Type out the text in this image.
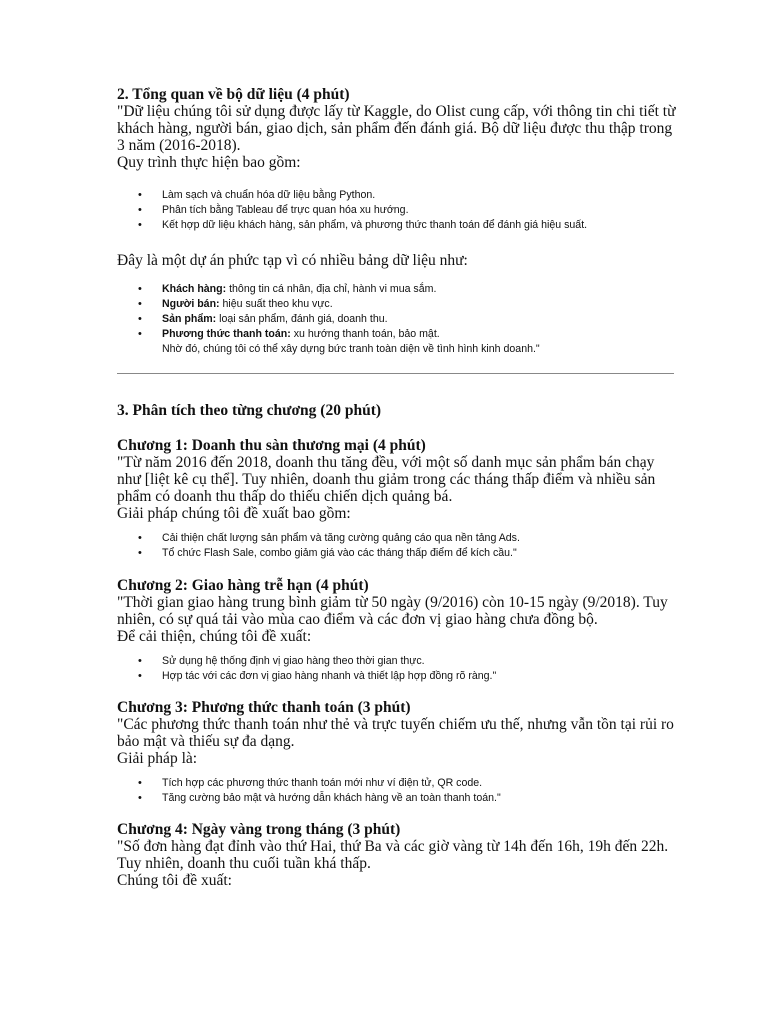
2. Tổng quan về bộ dữ liệu (4 phút)

"Dữ liệu chúng tôi sử dụng được lấy từ Kaggle, do Olist cung cấp, với thông tin chi tiết từ khách hàng, người bán, giao dịch, sản phẩm đến đánh giá. Bộ dữ liệu được thu thập trong 3 năm (2016-2018).

Quy trình thực hiện bao gồm:

• Làm sạch và chuẩn hóa dữ liệu bằng Python.
• Phân tích bằng Tableau để trực quan hóa xu hướng.
• Kết hợp dữ liệu khách hàng, sản phẩm, và phương thức thanh toán để đánh giá hiệu suất.

Đây là một dự án phức tạp vì có nhiều bảng dữ liệu như:

• Khách hàng: thông tin cá nhân, địa chỉ, hành vi mua sắm.
• Người bán: hiệu suất theo khu vực.
• Sản phẩm: loại sản phẩm, đánh giá, doanh thu.
• Phương thức thanh toán: xu hướng thanh toán, bảo mật.
Nhờ đó, chúng tôi có thể xây dựng bức tranh toàn diện về tình hình kinh doanh."
3. Phân tích theo từng chương (20 phút)
Chương 1: Doanh thu sàn thương mại (4 phút)

"Từ năm 2016 đến 2018, doanh thu tăng đều, với một số danh mục sản phẩm bán chạy như [liệt kê cụ thể]. Tuy nhiên, doanh thu giảm trong các tháng thấp điểm và nhiều sản phẩm có doanh thu thấp do thiếu chiến dịch quảng bá.

Giải pháp chúng tôi đề xuất bao gồm:

• Cải thiện chất lượng sản phẩm và tăng cường quảng cáo qua nền tảng Ads.
• Tổ chức Flash Sale, combo giảm giá vào các tháng thấp điểm để kích cầu."
Chương 2: Giao hàng trễ hạn (4 phút)

"Thời gian giao hàng trung bình giảm từ 50 ngày (9/2016) còn 10-15 ngày (9/2018). Tuy nhiên, có sự quá tải vào mùa cao điểm và các đơn vị giao hàng chưa đồng bộ.

Để cải thiện, chúng tôi đề xuất:

• Sử dụng hệ thống định vị giao hàng theo thời gian thực.
• Hợp tác với các đơn vị giao hàng nhanh và thiết lập hợp đồng rõ ràng."
Chương 3: Phương thức thanh toán (3 phút)

"Các phương thức thanh toán như thẻ và trực tuyến chiếm ưu thế, nhưng vẫn tồn tại rủi ro bảo mật và thiếu sự đa dạng.

Giải pháp là:

• Tích hợp các phương thức thanh toán mới như ví điện tử, QR code.
• Tăng cường bảo mật và hướng dẫn khách hàng về an toàn thanh toán."
Chương 4: Ngày vàng trong tháng (3 phút)

"Số đơn hàng đạt đỉnh vào thứ Hai, thứ Ba và các giờ vàng từ 14h đến 16h, 19h đến 22h. Tuy nhiên, doanh thu cuối tuần khá thấp.

Chúng tôi đề xuất:
